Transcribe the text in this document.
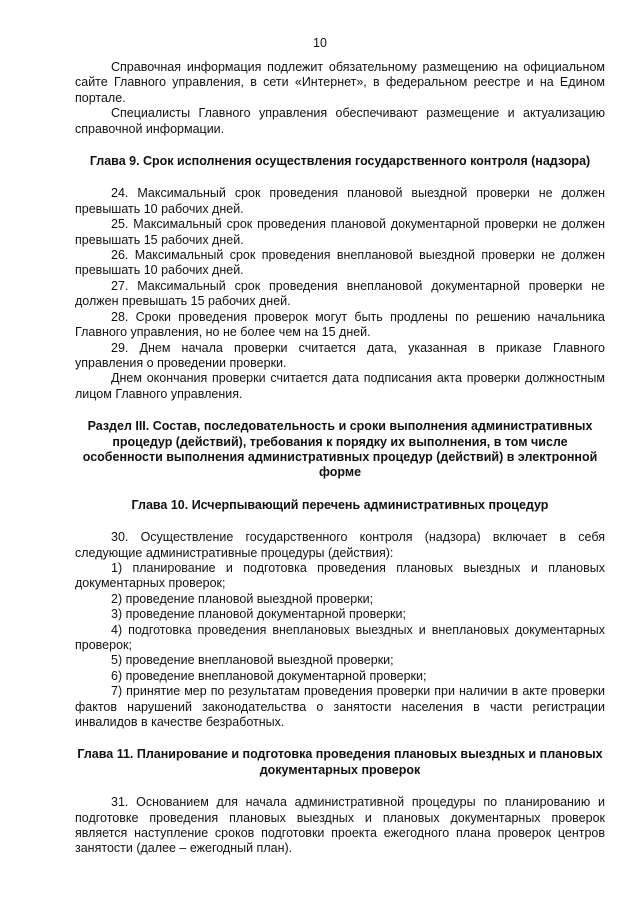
10

Справочная информация подлежит обязательному размещению на официальном сайте Главного управления, в сети «Интернет», в федеральном реестре и на Едином портале.

Специалисты Главного управления обеспечивают размещение и актуализацию справочной информации.

Глава 9. Срок исполнения осуществления государственного контроля (надзора)

24. Максимальный срок проведения плановой выездной проверки не должен превышать 10 рабочих дней.

25. Максимальный срок проведения плановой документарной проверки не должен превышать 15 рабочих дней.

26. Максимальный срок проведения внеплановой выездной проверки не должен превышать 10 рабочих дней.

27. Максимальный срок проведения внеплановой документарной проверки не должен превышать 15 рабочих дней.

28. Сроки проведения проверок могут быть продлены по решению начальника Главного управления, но не более чем на 15 дней.

29. Днем начала проверки считается дата, указанная в приказе Главного управления о проведении проверки.

Днем окончания проверки считается дата подписания акта проверки должностным лицом Главного управления.

Раздел III. Состав, последовательность и сроки выполнения административных процедур (действий), требования к порядку их выполнения, в том числе особенности выполнения административных процедур (действий) в электронной форме
Глава 10. Исчерпывающий перечень административных процедур

30. Осуществление государственного контроля (надзора) включает в себя следующие административные процедуры (действия):

1) планирование и подготовка проведения плановых выездных и плановых документарных проверок;

2) проведение плановой выездной проверки;

3) проведение плановой документарной проверки;

4) подготовка проведения внеплановых выездных и внеплановых документарных проверок;

5) проведение внеплановой выездной проверки;

6) проведение внеплановой документарной проверки;

7) принятие мер по результатам проведения проверки при наличии в акте проверки фактов нарушений законодательства о занятости населения в части регистрации инвалидов в качестве безработных.

Глава 11. Планирование и подготовка проведения плановых выездных и плановых документарных проверок

31. Основанием для начала административной процедуры по планированию и подготовке проведения плановых выездных и плановых документарных проверок является наступление сроков подготовки проекта ежегодного плана проверок центров занятости (далее – ежегодный план).
